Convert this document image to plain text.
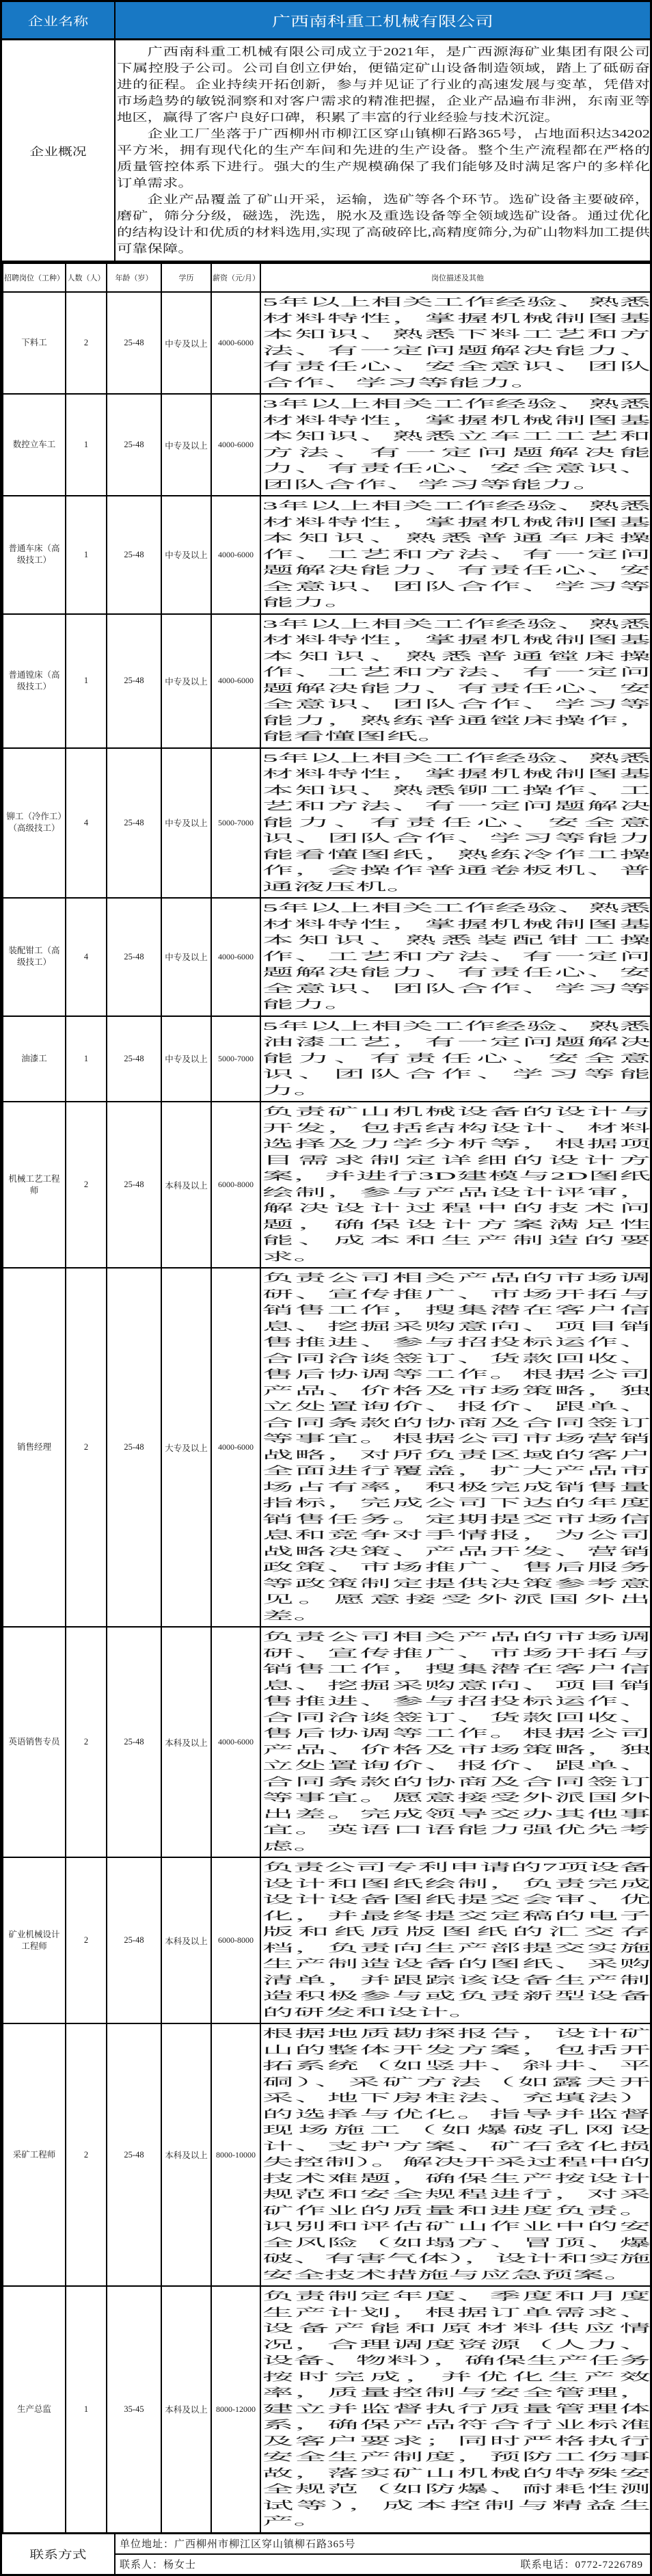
企业名称	广西南科重工机械有限公司
企业概况

广西南科重工机械有限公司成立于2021年，是广西源海矿业集团有限公司下属控股子公司。公司自创立伊始，便锚定矿山设备制造领域，踏上了砥砺奋进的征程。企业持续开拓创新，参与并见证了行业的高速发展与变革，凭借对市场趋势的敏锐洞察和对客户需求的精准把握，企业产品遍布非洲，东南亚等地区，赢得了客户良好口碑，积累了丰富的行业经验与技术沉淀。

企业工厂坐落于广西柳州市柳江区穿山镇柳石路365号，占地面积达34202平方米，拥有现代化的生产车间和先进的生产设备。整个生产流程都在严格的质量管控体系下进行。强大的生产规模确保了我们能够及时满足客户的多样化订单需求。

企业产品覆盖了矿山开采，运输，选矿等各个环节。选矿设备主要破碎，磨矿，筛分分级，磁选，洗选，脱水及重选设备等全领域选矿设备。通过优化的结构设计和优质的材料选用,实现了高破碎比,高精度筛分,为矿山物料加工提供可靠保障。

招聘岗位（工种）	人数（人）	年龄（岁）	学历	薪资（元/月）	岗位描述及其他
下料工	2	25-48	中专及以上	4000-6000	5年以上相关工作经验、熟悉材料特性，掌握机械制图基本知识、熟悉下料工艺和方法、有一定问题解决能力、有责任心、安全意识、团队合作、学习等能力。

数控立车工	1	25-48	中专及以上	4000-6000	3年以上相关工作经验、熟悉材料特性，掌握机械制图基本知识、熟悉立车工工艺和方法、有一定问题解决能力、有责任心、安全意识、团队合作、学习等能力。

普通车床（高级技工）	1	25-48	中专及以上	4000-6000	3年以上相关工作经验、熟悉材料特性，掌握机械制图基本知识、熟悉普通车床操作、工艺和方法、有一定问题解决能力、有责任心、安全意识、团队合作、学习等能力。

普通镗床（高级技工）	1	25-48	中专及以上	4000-6000	3年以上相关工作经验、熟悉材料特性，掌握机械制图基本知识、熟悉普通镗床操作、工艺和方法、有一定问题解决能力、有责任心、安全意识、团队合作、学习等能力，熟练普通镗床操作，能看懂图纸。

铆工（冷作工）（高级技工）	4	25-48	中专及以上	5000-7000	5年以上相关工作经验、熟悉材料特性，掌握机械制图基本知识、熟悉铆工操作、工艺和方法、有一定问题解决能力、有责任心、安全意识、团队合作、学习等能力能看懂图纸，熟练冷作工操作，会操作普通卷板机、普通液压机。

装配钳工（高级技工）	4	25-48	中专及以上	4000-6000	5年以上相关工作经验、熟悉材料特性，掌握机械制图基本知识、熟悉装配钳工操作、工艺和方法、有一定问题解决能力、有责任心、安全意识、团队合作、学习等能力。

油漆工	1	25-48	中专及以上	5000-7000	5年以上相关工作经验、熟悉油漆工艺，有一定问题解决能力、有责任心、安全意识、团队合作、学习等能力。

机械工艺工程师	2	25-48	本科及以上	6000-8000	负责矿山机械设备的设计与开发，包括结构设计、材料选择及力学分析等，根据项目需求制定详细的设计方案，并进行3D建模与2D图纸绘制，参与产品设计评审，解决设计过程中的技术问题，确保设计方案满足性能、成本和生产制造的要求。

销售经理	2	25-48	大专及以上	4000-6000	负责公司相关产品的市场调研、宣传推广、市场开拓与销售工作，搜集潜在客户信息、挖掘采购意向、项目销售推进、参与招投标运作、合同洽谈签订、货款回收、售后协调等工作。根据公司产品、价格及市场策略，独立处置询价、报价、跟单、合同条款的协商及合同签订等事宜。根据公司市场营销战略，对所负责区域的客户全面进行覆盖，扩大产品市场占有率，积极完成销售量指标，完成公司下达的年度销售任务。定期提交市场信息和竞争对手情报，为公司战略决策、产品开发、营销政策、市场推广、售后服务等政策制定提供决策参考意见。愿意接受外派国外出差。

英语销售专员	2	25-48	本科及以上	4000-6000	负责公司相关产品的市场调研、宣传推广、市场开拓与销售工作，搜集潜在客户信息、挖掘采购意向、项目销售推进、参与招投标运作、合同洽谈签订、货款回收、售后协调等工作。根据公司产品、价格及市场策略，独立处置询价、报价、跟单、合同条款的协商及合同签订等事宜。愿意接受外派国外出差。完成领导交办其他事宜。英语口语能力强优先考虑。

矿业机械设计工程师	2	25-48	本科及以上	6000-8000	负责公司专利申请的7项设备设计和图纸绘制，负责完成设计设备图纸提交会审、优化，并最终提交定稿的电子版和纸质版图纸的汇交存档，负责向生产部提交实施生产制造设备的图纸、采购清单，并跟踪该设备生产制造积极参与或负责新型设备的研发和设计。

采矿工程师	2	25-48	本科及以上	8000-10000	根据地质勘探报告，设计矿山的整体开发方案，包括开拓系统（如竖井、斜井、平硐）、采矿方法（如露天开采、地下房柱法、充填法）的选择与优化。指导并监督现场施工（如爆破孔网设计、支护方案、矿石贫化损失控制）。解决开采过程中的技术难题，确保生产按设计规范和安全规程进行，对采矿作业的质量和进度负责。识别和评估矿山作业中的安全风险（如塌方、冒顶、爆破、有害气体），设计和实施安全技术措施与应急预案。

生产总监	1	35-45	本科及以上	8000-12000	负责制定年度、季度和月度生产计划，根据订单需求、设备产能和原材料供应情况，合理调度资源（人力、设备、物料），确保生产任务按时完成，并优化生产效率，质量控制与安全管理，建立并监督执行质量管理体系，确保产品符合行业标准及客户要求；同时严格执行安全生产制度，预防工伤事故，落实矿山机械的特殊安全规范（如防爆、耐耗性测试等），成本控制与精益生产。
联系方式
单位地址： 广西柳州市柳江区穿山镇柳石路365号
联系人：杨女士	联系电话：0772-7226789
